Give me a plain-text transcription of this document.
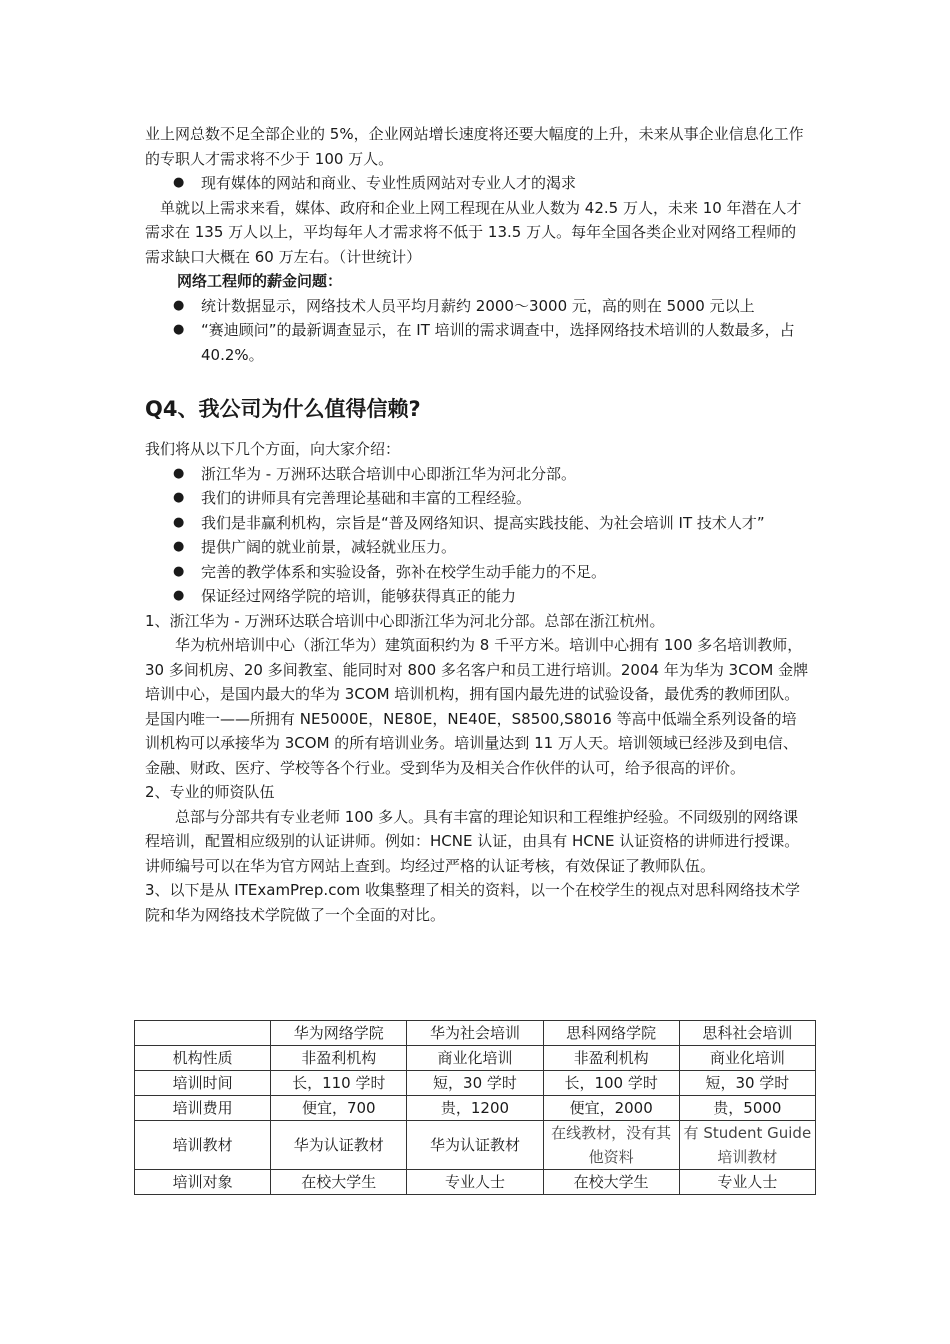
业上网总数不足全部企业的 5%，企业网站增长速度将还要大幅度的上升，未来从事企业信息化工作的专职人才需求将不少于 100 万人。

● 现有媒体的网站和商业、专业性质网站对专业人才的渴求

单就以上需求来看，媒体、政府和企业上网工程现在从业人数为 42.5 万人，未来 10 年潜在人才需求在 135 万人以上，平均每年人才需求将不低于 13.5 万人。每年全国各类企业对网络工程师的需求缺口大概在 60 万左右。（计世统计）

网络工程师的薪金问题：

● 统计数据显示，网络技术人员平均月薪约 2000～3000 元，高的则在 5000 元以上
● “赛迪顾问”的最新调查显示，在 IT 培训的需求调查中，选择网络技术培训的人数最多，占40.2%。

Q4、我公司为什么值得信赖?

我们将从以下几个方面，向大家介绍：

● 浙江华为 - 万洲环达联合培训中心即浙江华为河北分部。
● 我们的讲师具有完善理论基础和丰富的工程经验。
● 我们是非赢利机构，宗旨是“普及网络知识、提高实践技能、为社会培训 IT 技术人才”
● 提供广阔的就业前景，减轻就业压力。
● 完善的教学体系和实验设备，弥补在校学生动手能力的不足。
● 保证经过网络学院的培训，能够获得真正的能力

1、浙江华为 - 万洲环达联合培训中心即浙江华为河北分部。总部在浙江杭州。

华为杭州培训中心（浙江华为）建筑面积约为 8 千平方米。培训中心拥有 100 多名培训教师，30 多间机房、20 多间教室、能同时对 800 多名客户和员工进行培训。2004 年为华为 3COM 金牌培训中心，是国内最大的华为 3COM 培训机构，拥有国内最先进的试验设备，最优秀的教师团队。是国内唯一——所拥有 NE5000E，NE80E，NE40E，S8500,S8016 等高中低端全系列设备的培训机构可以承接华为 3COM 的所有培训业务。培训量达到 11 万人天。培训领域已经涉及到电信、金融、财政、医疗、学校等各个行业。受到华为及相关合作伙伴的认可，给予很高的评价。

2、专业的师资队伍

总部与分部共有专业老师 100 多人。具有丰富的理论知识和工程维护经验。不同级别的网络课程培训，配置相应级别的认证讲师。例如：HCNE 认证，由具有 HCNE 认证资格的讲师进行授课。讲师编号可以在华为官方网站上查到。均经过严格的认证考核，有效保证了教师队伍。

3、以下是从 ITExamPrep.com 收集整理了相关的资料，以一个在校学生的视点对思科网络技术学院和华为网络技术学院做了一个全面的对比。

	华为网络学院	华为社会培训	思科网络学院	思科社会培训
机构性质	非盈利机构	商业化培训	非盈利机构	商业化培训
培训时间	长，110 学时	短，30 学时	长，100 学时	短，30 学时
培训费用	便宜，700	贵，1200	便宜，2000	贵，5000
培训教材	华为认证教材	华为认证教材	在线教材，没有其他资料	有 Student Guide 培训教材
培训对象	在校大学生	专业人士	在校大学生	专业人士
